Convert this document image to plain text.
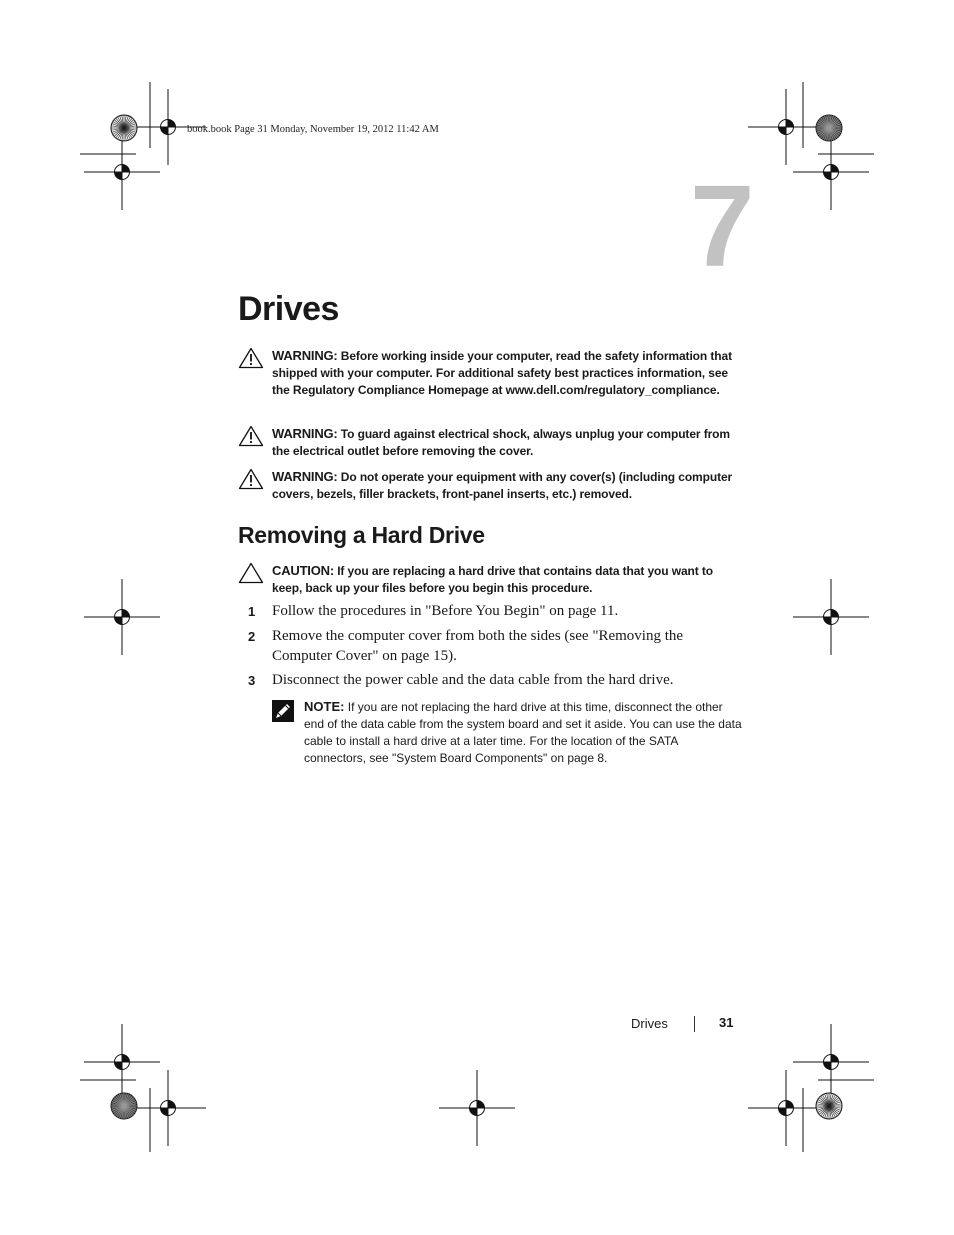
book.book Page 31 Monday, November 19, 2012 11:42 AM
7
Drives
WARNING: Before working inside your computer, read the safety information that shipped with your computer. For additional safety best practices information, see the Regulatory Compliance Homepage at www.dell.com/regulatory_compliance.
WARNING: To guard against electrical shock, always unplug your computer from the electrical outlet before removing the cover.
WARNING: Do not operate your equipment with any cover(s) (including computer covers, bezels, filler brackets, front-panel inserts, etc.) removed.
Removing a Hard Drive
CAUTION: If you are replacing a hard drive that contains data that you want to keep, back up your files before you begin this procedure.
1 Follow the procedures in "Before You Begin" on page 11.
2 Remove the computer cover from both the sides (see "Removing the Computer Cover" on page 15).
3 Disconnect the power cable and the data cable from the hard drive.
NOTE: If you are not replacing the hard drive at this time, disconnect the other end of the data cable from the system board and set it aside. You can use the data cable to install a hard drive at a later time. For the location of the SATA connectors, see "System Board Components" on page 8.
Drives	31
